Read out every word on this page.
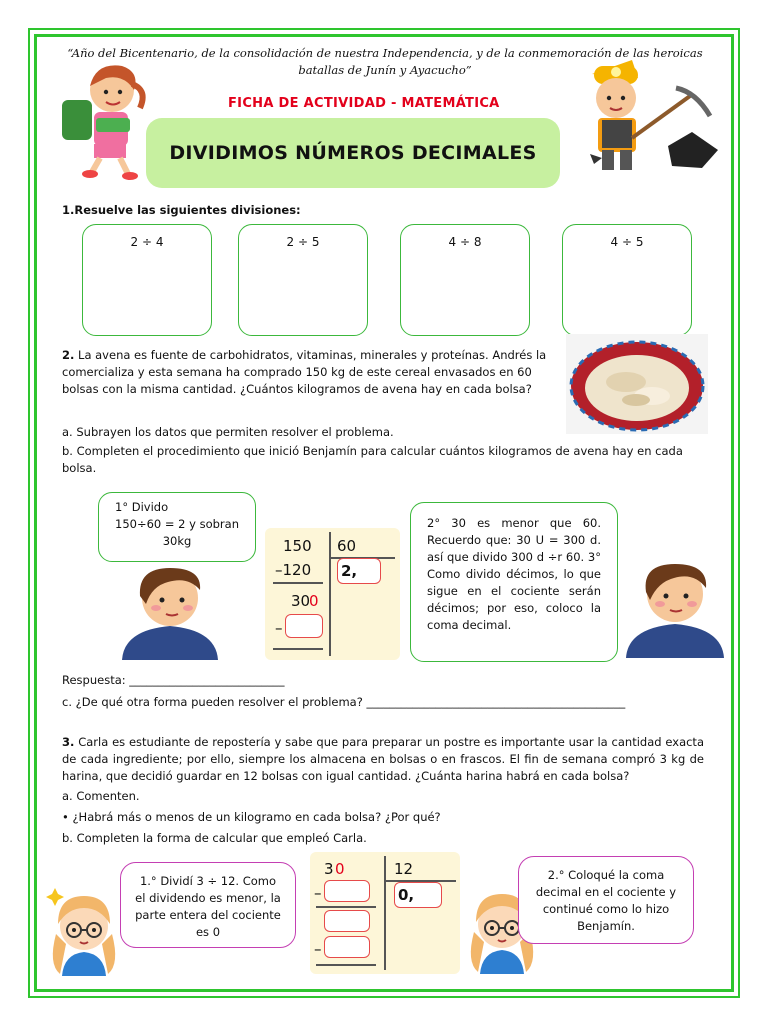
“Año del Bicentenario, de la consolidación de nuestra Independencia, y de la conmemoración de las heroicas batallas de Junín y Ayacucho”
FICHA DE ACTIVIDAD - MATEMÁTICA
DIVIDIMOS NÚMEROS DECIMALES
1.Resuelve las siguientes divisiones:
2 ÷ 4	2 ÷ 5	4 ÷ 8	4 ÷ 5
2. La avena es fuente de carbohidratos, vitaminas, minerales y proteínas. Andrés la comercializa y esta semana ha comprado 150 kg de este cereal envasados en 60 bolsas con la misma cantidad. ¿Cuántos kilogramos de avena hay en cada bolsa?
a. Subrayen los datos que permiten resolver el problema.
b. Completen el procedimiento que inició Benjamín para calcular cuántos kilogramos de avena hay en cada bolsa.
1° Divido
150÷60 = 2 y sobran
30kg	150 60
–120
30
0
–
2,
2° 30 es menor que 60. Recuerdo que: 30 U = 300 d. así que divido 300 d ÷r 60. 3° Como divido décimos, lo que sigue en el cociente serán décimos; por eso, coloco la coma decimal.
Respuesta: ___________________________
c. ¿De qué otra forma pueden resolver el problema? _____________________________________________
3. Carla es estudiante de repostería y sabe que para preparar un postre es importante usar la cantidad exacta de cada ingrediente; por ello, siempre los almacena en bolsas o en frascos. El fin de semana compró 3 kg de harina, que decidió guardar en 12 bolsas con igual cantidad. ¿Cuánta harina habrá en cada bolsa?
a. Comenten.
• ¿Habrá más o menos de un kilogramo en cada bolsa? ¿Por qué?
b. Completen la forma de calcular que empleó Carla.
1.° Dividí 3 ÷ 12. Como el dividendo es menor, la parte entera del cociente es 0
3 0	12
–
–
0,
2.° Coloqué la coma decimal en el cociente y continué como lo hizo Benjamín.
